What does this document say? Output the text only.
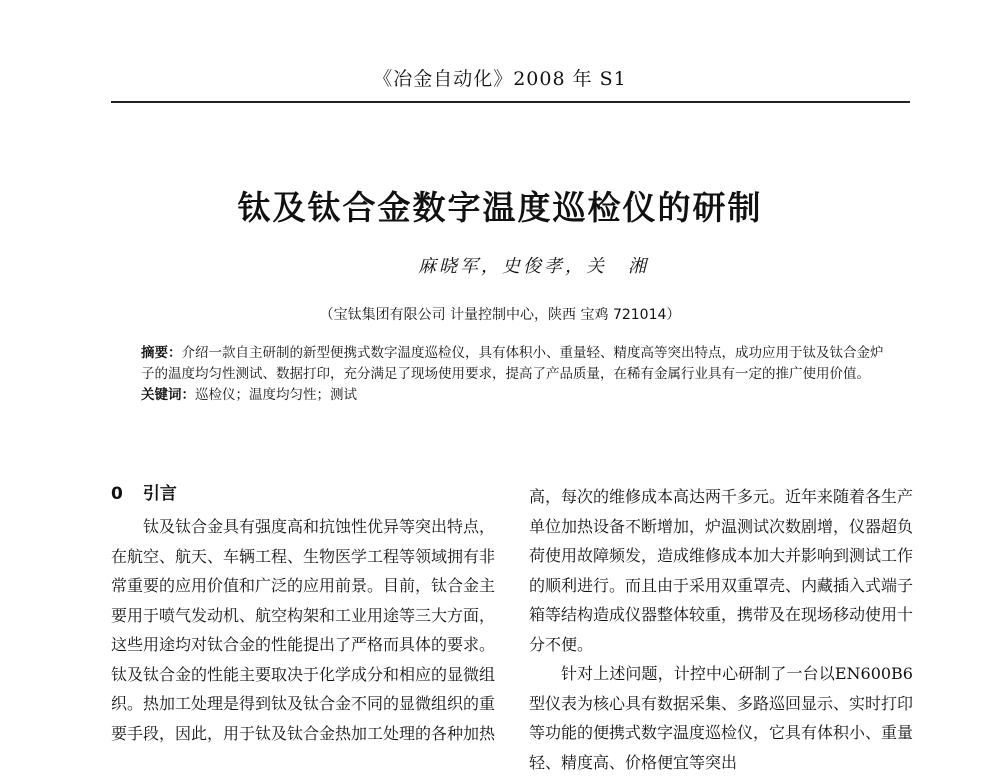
《冶金自动化》2008 年 S1
钛及钛合金数字温度巡检仪的研制
麻晓军，史俊孝，关　湘
（宝钛集团有限公司 计量控制中心，陕西 宝鸡 721014）

摘要：介绍一款自主研制的新型便携式数字温度巡检仪，具有体积小、重量轻、精度高等突出特点，成功应用于钛及钛合金炉子的温度均匀性测试、数据打印，充分满足了现场使用要求，提高了产品质量，在稀有金属行业具有一定的推广使用价值。

关键词：巡检仪；温度均匀性；测试

0 引言

钛及钛合金具有强度高和抗蚀性优异等突出特点，在航空、航天、车辆工程、生物医学工程等领域拥有非常重要的应用价值和广泛的应用前景。目前，钛合金主要用于喷气发动机、航空构架和工业用途等三大方面，这些用途均对钛合金的性能提出了严格而具体的要求。钛及钛合金的性能主要取决于化学成分和相应的显微组织。热加工处理是得到钛及钛合金不同的显微组织的重要手段，因此，用于钛及钛合金热加工处理的各种加热

高，每次的维修成本高达两千多元。近年来随着各生产单位加热设备不断增加，炉温测试次数剧增，仪器超负荷使用故障频发，造成维修成本加大并影响到测试工作的顺利进行。而且由于采用双重罩壳、内藏插入式端子箱等结构造成仪器整体较重，携带及在现场移动使用十分不便。

针对上述问题，计控中心研制了一台以EN600B6 型仪表为核心具有数据采集、多路巡回显示、实时打印等功能的便携式数字温度巡检仪，它具有体积小、重量轻、精度高、价格便宜等突出
